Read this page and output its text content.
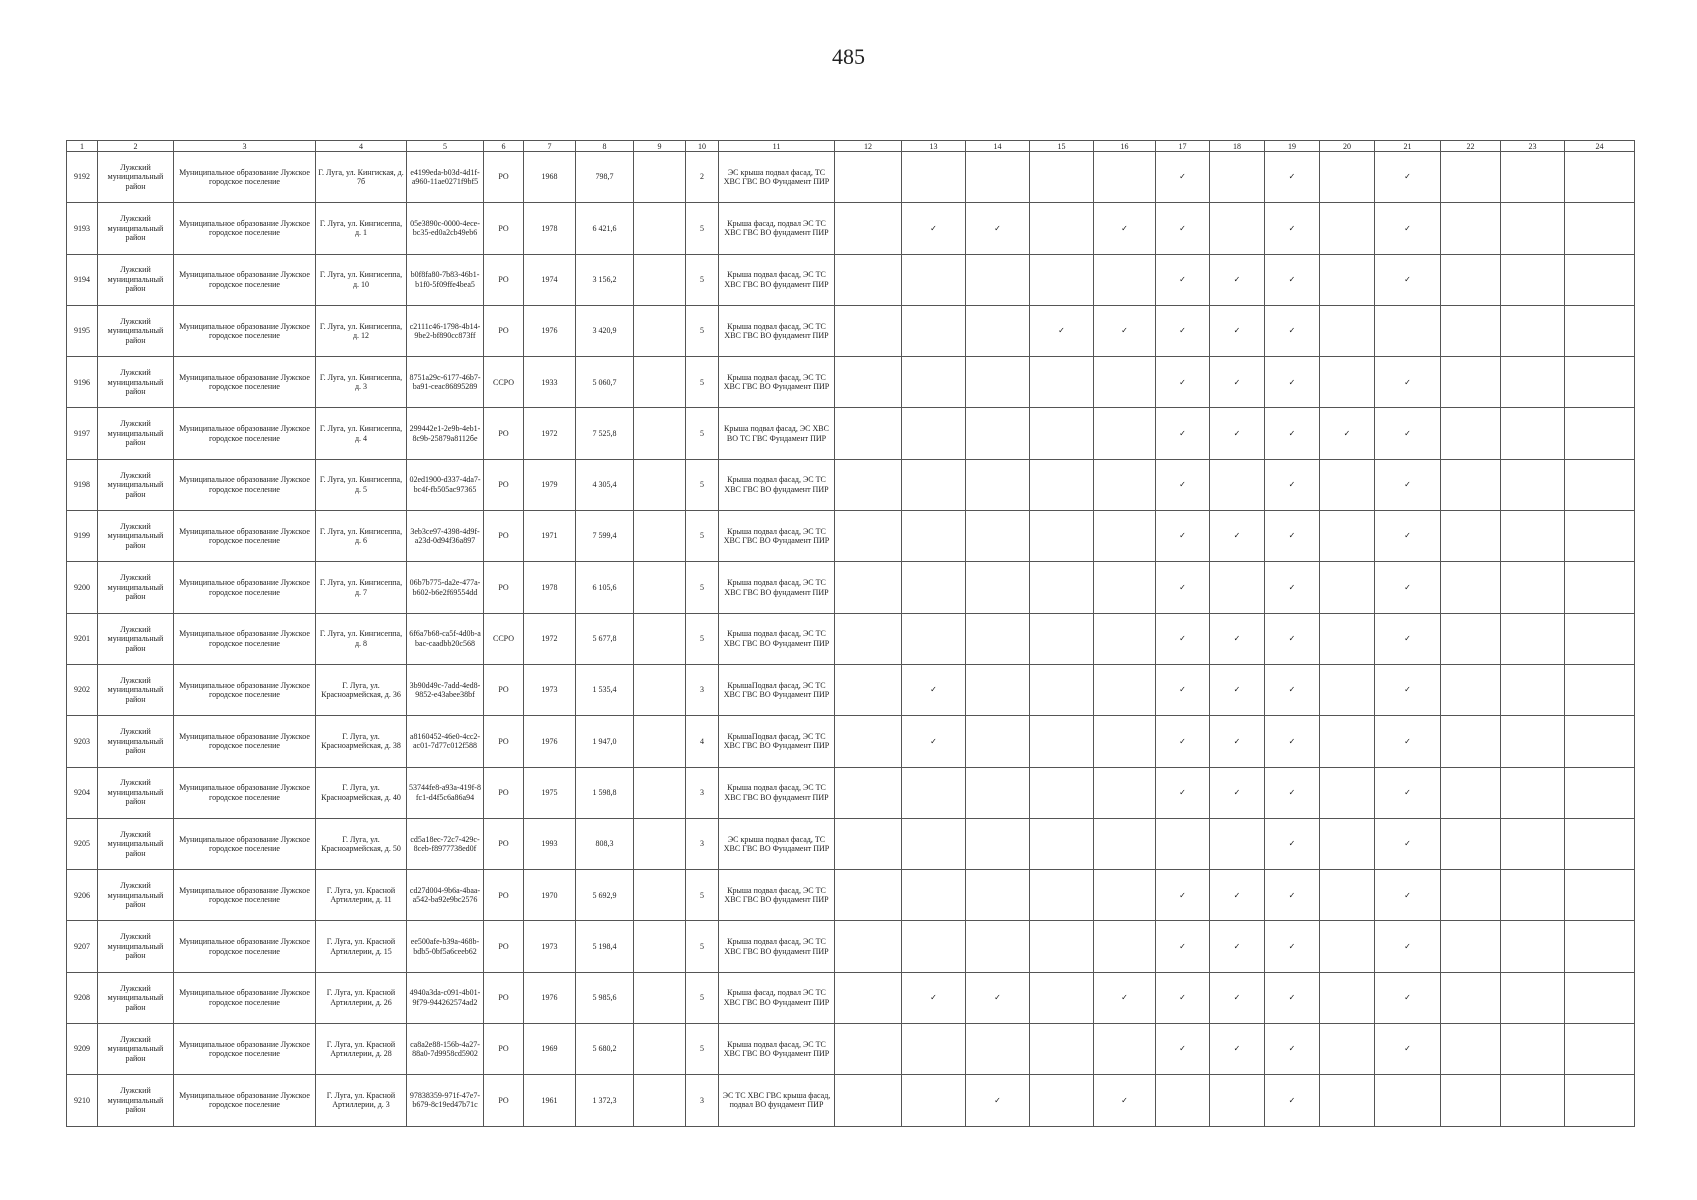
485
1	2	3	4	5	6	7	8	9	10	11	12	13	14	15	16	17	18	19	20	21	22	23	24
9192	Лужский муниципальный район	Муниципальное образование Лужское городское поселение	Г. Луга, ул. Кингиская, д. 7б	e4199eda-b03d-4d1f-a960-11ae0271f9bf5	РО	1968	798,7		2	ЭС крыша подвал фасад, ТС ХВС ГВС ВО Фундамент ПИР						✓		✓		✓			
9193	Лужский муниципальный район	Муниципальное образование Лужское городское поселение	Г. Луга, ул. Кингисеппа, д. 1	05e3890c-0000-4ece-bc35-ed0a2cb49eb6	РО	1978	6 421,6		5	Крыша фасад, подвал ЭС ТС ХВС ГВС ВО фундамент ПИР		✓	✓		✓	✓		✓		✓			
9194	Лужский муниципальный район	Муниципальное образование Лужское городское поселение	Г. Луга, ул. Кингисеппа, д. 10	b0f8fa80-7b83-46b1-b1f0-5f09ffe4bea5	РО	1974	3 156,2		5	Крыша подвал фасад, ЭС ТС ХВС ГВС ВО фундамент ПИР						✓	✓	✓		✓			
9195	Лужский муниципальный район	Муниципальное образование Лужское городское поселение	Г. Луга, ул. Кингисеппа, д. 12	c2111c46-1798-4b14-9be2-bf890cc873ff	РО	1976	3 420,9		5	Крыша подвал фасад, ЭС ТС ХВС ГВС ВО фундамент ПИР				✓	✓	✓	✓	✓					
9196	Лужский муниципальный район	Муниципальное образование Лужское городское поселение	Г. Луга, ул. Кингисеппа, д. 3	8751a29c-6177-46b7-ba91-ceac86895289	ССРО	1933	5 060,7		5	Крыша подвал фасад, ЭС ТС ХВС ГВС ВО Фундамент ПИР						✓	✓	✓		✓			
9197	Лужский муниципальный район	Муниципальное образование Лужское городское поселение	Г. Луга, ул. Кингисеппа, д. 4	299442e1-2e9b-4eb1-8c9b-25879a8112бe	РО	1972	7 525,8		5	Крыша подвал фасад, ЭС ХВС ВО ТС ГВС Фундамент ПИР						✓	✓	✓	✓	✓			
9198	Лужский муниципальный район	Муниципальное образование Лужское городское поселение	Г. Луга, ул. Кингисеппа, д. 5	02ed1900-d337-4da7-bc4f-fb505ac97365	РО	1979	4 305,4		5	Крыша подвал фасад, ЭС ТС ХВС ГВС ВО фундамент ПИР						✓		✓		✓			
9199	Лужский муниципальный район	Муниципальное образование Лужское городское поселение	Г. Луга, ул. Кингисеппа, д. 6	3eb3ce97-4398-4d9f-a23d-0d94f36a897	РО	1971	7 599,4		5	Крыша подвал фасад, ЭС ТС ХВС ГВС ВО Фундамент ПИР						✓	✓	✓		✓			
9200	Лужский муниципальный район	Муниципальное образование Лужское городское поселение	Г. Луга, ул. Кингисеппа, д. 7	06b7b775-da2e-477a-b602-b6e2f69554dd	РО	1978	6 105,6		5	Крыша подвал фасад, ЭС ТС ХВС ГВС ВО фундамент ПИР						✓		✓		✓			
9201	Лужский муниципальный район	Муниципальное образование Лужское городское поселение	Г. Луга, ул. Кингисеппа, д. 8	6f6a7b68-ca5f-4d0b-abac-caadbb20c568	ССРО	1972	5 677,8		5	Крыша подвал фасад, ЭС ТС ХВС ГВС ВО Фундамент ПИР						✓	✓	✓		✓			
9202	Лужский муниципальный район	Муниципальное образование Лужское городское поселение	Г. Луга, ул. Красноармейская, д. 36	3b90d49c-7add-4ed8-9852-e43abee38bf	РО	1973	1 535,4		3	КрышаПодвал фасад, ЭС ТС ХВС ГВС ВО Фундамент ПИР		✓				✓	✓	✓		✓			
9203	Лужский муниципальный район	Муниципальное образование Лужское городское поселение	Г. Луга, ул. Красноармейская, д. 38	a8160452-46e0-4cc2-ac01-7d77c012f588	РО	1976	1 947,0		4	КрышаПодвал фасад, ЭС ТС ХВС ГВС ВО Фундамент ПИР		✓				✓	✓	✓		✓			
9204	Лужский муниципальный район	Муниципальное образование Лужское городское поселение	Г. Луга, ул. Красноармейская, д. 40	53744fe8-a93a-419f-8fc1-d4f5c6a86a94	РО	1975	1 598,8		3	Крыша подвал фасад, ЭС ТС ХВС ГВС ВО фундамент ПИР						✓	✓	✓		✓			
9205	Лужский муниципальный район	Муниципальное образование Лужское городское поселение	Г. Луга, ул. Красноармейская, д. 50	cd5a18ec-72c7-429c-8ceb-f8977738ed0f	РО	1993	808,3		3	ЭС крыша подвал фасад, ТС ХВС ГВС ВО Фундамент ПИР								✓		✓			
9206	Лужский муниципальный район	Муниципальное образование Лужское городское поселение	Г. Луга, ул. Красной Артиллерии, д. 11	cd27d004-9b6a-4baa-a542-ba92e9bc2576	РО	1970	5 692,9		5	Крыша подвал фасад, ЭС ТС ХВС ГВС ВО фундамент ПИР						✓	✓	✓		✓			
9207	Лужский муниципальный район	Муниципальное образование Лужское городское поселение	Г. Луга, ул. Красной Артиллерии, д. 15	ee500afe-b39a-468b-bdb5-0bf5a6ceeb62	РО	1973	5 198,4		5	Крыша подвал фасад, ЭС ТС ХВС ГВС ВО фундамент ПИР						✓	✓	✓		✓			
9208	Лужский муниципальный район	Муниципальное образование Лужское городское поселение	Г. Луга, ул. Красной Артиллерии, д. 26	4940a3da-c091-4b01-9f79-944262574ad2	РО	1976	5 985,6		5	Крыша фасад, подвал ЭС ТС ХВС ГВС ВО Фундамент ПИР		✓	✓		✓	✓	✓	✓		✓			
9209	Лужский муниципальный район	Муниципальное образование Лужское городское поселение	Г. Луга, ул. Красной Артиллерии, д. 28	ca8a2e88-156b-4a27-88a0-7d9958cd5902	РО	1969	5 680,2		5	Крыша подвал фасад, ЭС ТС ХВС ГВС ВО Фундамент ПИР						✓	✓	✓		✓			
9210	Лужский муниципальный район	Муниципальное образование Лужское городское поселение	Г. Луга, ул. Красной Артиллерии, д. 3	97838359-971f-47e7-b679-8c19ed47b71c	РО	1961	1 372,3		3	ЭС ТС ХВС ГВС крыша фасад, подвал ВО фундамент ПИР			✓		✓			✓					
